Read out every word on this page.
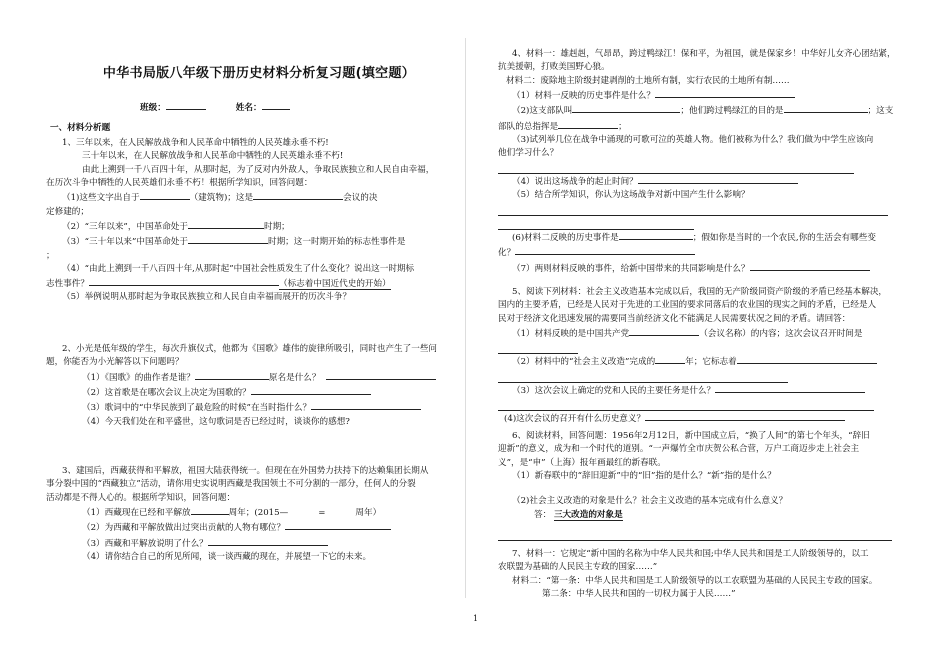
中华书局版八年级下册历史材料分析复习题(填空题）
班级：	姓名：
一、材料分析题
1、三年以来，在人民解放战争和人民革命中牺牲的人民英雄永垂不朽!
三十年以来，在人民解放战争和人民革命中牺牲的人民英雄永垂不朽!
由此上溯到一千八百四十年，从那时起，为了反对内外敌人，争取民族独立和人民自由幸福，
在历次斗争中牺牲的人民英雄们永垂不朽！根据所学知识，回答问题：
（1)这些文字出自于	（建筑物)；这是	会议的决
定修建的；
（2）“三年以来”，中国革命处于	时期；
（3）“三十年以来”中国革命处于	时期；这一时期开始的标志性事件是
；
（4）“由此上溯到一千八百四十年,从那时起”中国社会性质发生了什么变化？说出这一时期标
志性事件？	（标志着中国近代史的开始）
（5）举例说明从那时起为争取民族独立和人民自由幸福而展开的历次斗争？
2、小光是低年级的学生，每次升旗仪式，他都为《国歌》雄伟的旋律所吸引，同时也产生了一些问
题，你能否为小光解答以下问题吗？
（1）《国歌》的曲作者是谁？	原名是什么？
（2）这首歌是在哪次会议上决定为国歌的？
（3）歌词中的“中华民族到了最危险的时候”在当时指什么？
（4）今天我们处在和平盛世，这句歌词是否已经过时，谈谈你的感想?
3、建国后，西藏获得和平解放，祖国大陆获得统一。但现在在外国势力扶持下的达赖集团长期从
事分裂中国的“西藏独立”活动，请你用史实说明西藏是我国领土不可分割的一部分，任何人的分裂
活动都是不得人心的。根据所学知识，回答问题：
（1）西藏现在已经和平解放	周年；(2015—	=	周年）
（2）为西藏和平解放做出过突出贡献的人物有哪位？
（3）西藏和平解放说明了什么？
（4）请你结合自己的所见所闻，谈一谈西藏的现在，并展望一下它的未来。
4、材料一：雄赳赳，气昂昂，跨过鸭绿江！保和平，为祖国，就是保家乡！中华好儿女齐心团结紧，
抗美援朝，打败美国野心狼。
材料二：废除地主阶级封建剥削的土地所有制，实行农民的土地所有制……
（1）材料一反映的历史事件是什么？
（2)这支部队叫	；他们跨过鸭绿江的目的是	；这支
部队的总指挥是	；
（3)试列举几位在战争中涌现的可歌可泣的英雄人物。他们被称为什么？我们做为中学生应该向
他们学习什么？
（4）说出这场战争的起止时间？
（5）结合所学知识，你认为这场战争对新中国产生什么影响？
(6)材料二反映的历史事件是	；假如你是当时的一个农民,你的生活会有哪些变
化？
（7）两则材料反映的事件，给新中国带来的共同影响是什么？
5、阅读下列材料：社会主义改造基本完成以后，我国的无产阶级同资产阶级的矛盾已经基本解决，
国内的主要矛盾，已经是人民对于先进的工业国的要求同落后的农业国的现实之间的矛盾，已经是人
民对于经济文化迅速发展的需要同当前经济文化不能满足人民需要状况之间的矛盾。请回答：
（1）材料反映的是中国共产党	（会议名称）的内容；这次会议召开时间是
（2）材料中的“社会主义改造”完成的	年；它标志着
（3）这次会议上确定的党和人民的主要任务是什么？
(4)这次会议的召开有什么历史意义？
6、阅读材料，回答问题：1956年2月12日，新中国成立后，“换了人间”的第七个年头，“辞旧
迎新”的意义，成为和一个时代的道别。“一声爆竹全市庆贺公私合营，万户工商迈步走上社会主
义”，是“申”（上海）报年画最红的新春联。
（1）新春联中的“辞旧迎新”中的“旧”指的是什么？“新”指的是什么？
（2)社会主义改造的对象是什么？社会主义改造的基本完成有什么意义？
答： 三大改造的对象是
7、材料一：它规定“新中国的名称为中华人民共和国;中华人民共和国是工人阶级领导的，以工
农联盟为基础的人民民主专政的国家……”
材料二：“第一条：中华人民共和国是工人阶级领导的以工农联盟为基础的人民民主专政的国家。
第二条：中华人民共和国的一切权力属于人民……”
1
